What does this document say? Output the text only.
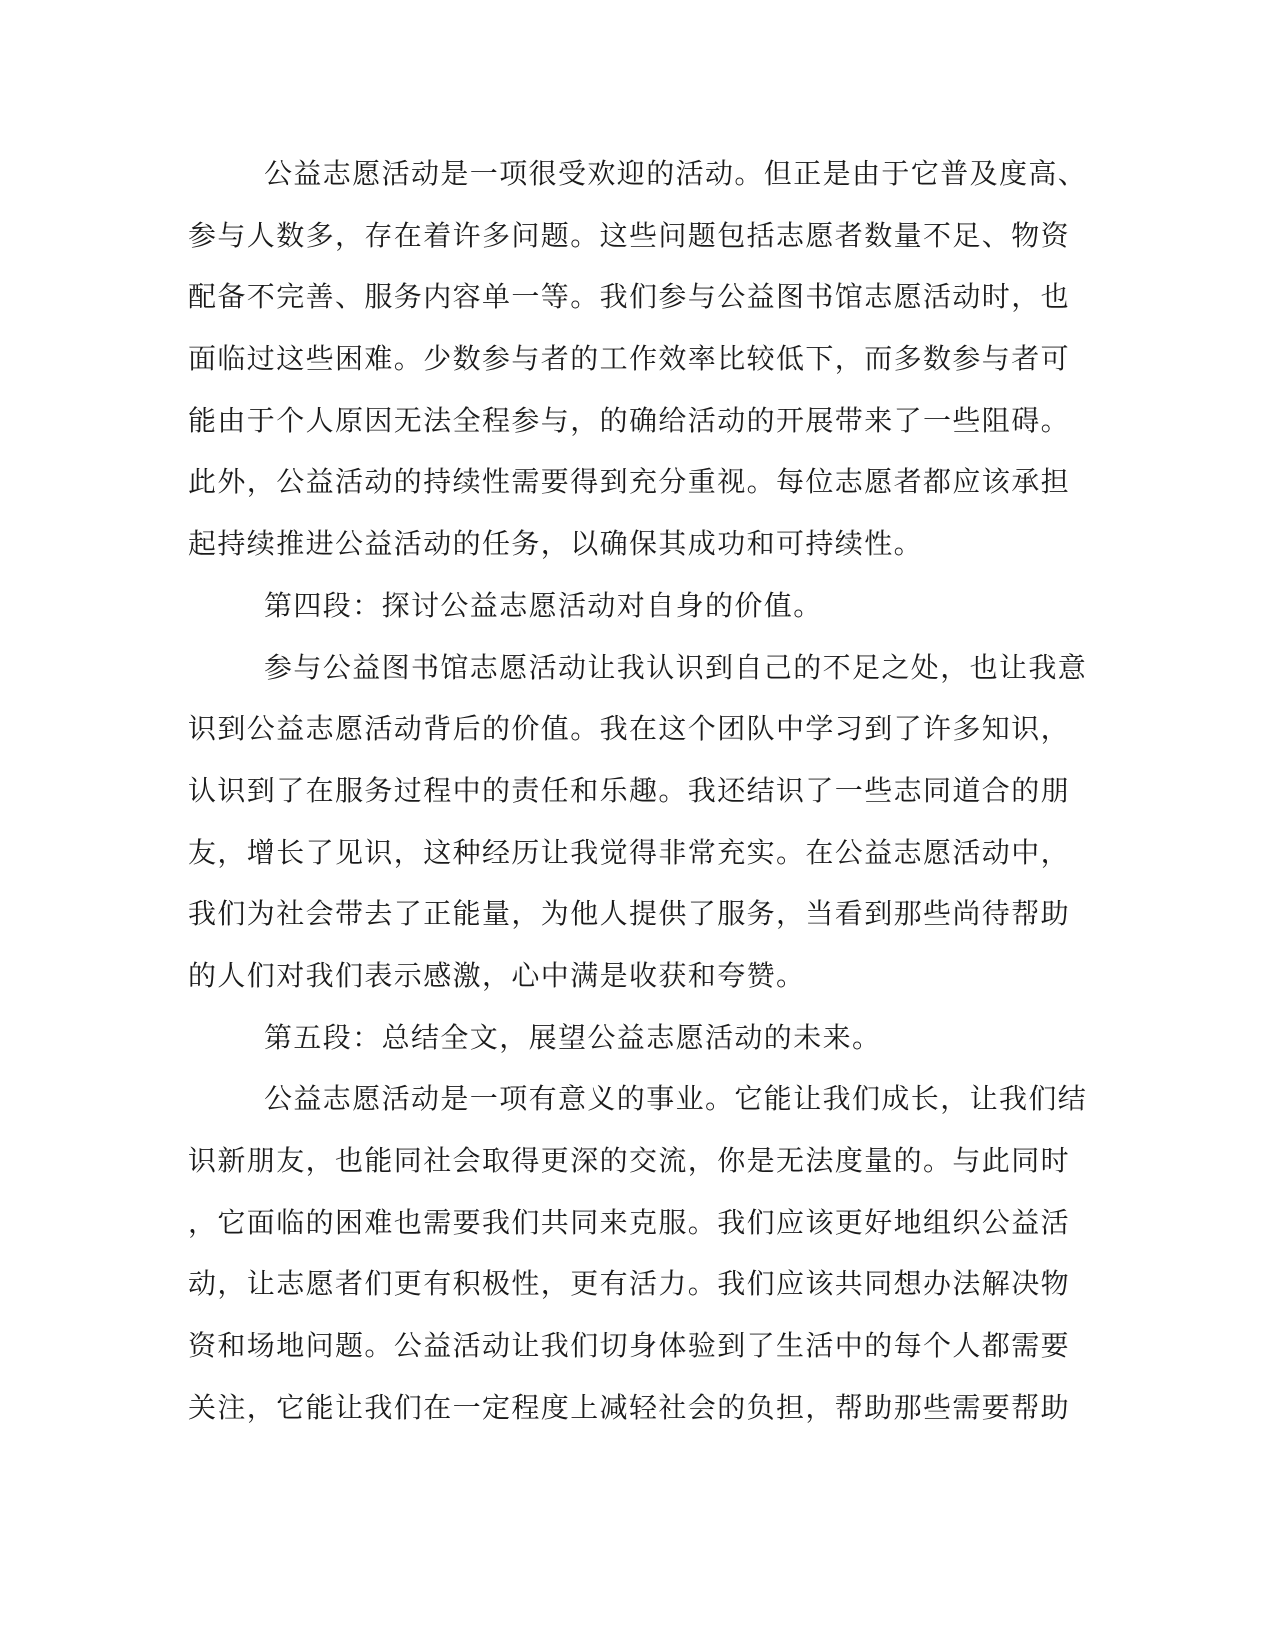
公益志愿活动是一项很受欢迎的活动。但正是由于它普及度高、
参与人数多，存在着许多问题。这些问题包括志愿者数量不足、物资
配备不完善、服务内容单一等。我们参与公益图书馆志愿活动时，也
面临过这些困难。少数参与者的工作效率比较低下，而多数参与者可
能由于个人原因无法全程参与，的确给活动的开展带来了一些阻碍。
此外，公益活动的持续性需要得到充分重视。每位志愿者都应该承担
起持续推进公益活动的任务，以确保其成功和可持续性。
第四段：探讨公益志愿活动对自身的价值。
参与公益图书馆志愿活动让我认识到自己的不足之处，也让我意
识到公益志愿活动背后的价值。我在这个团队中学习到了许多知识，
认识到了在服务过程中的责任和乐趣。我还结识了一些志同道合的朋
友，增长了见识，这种经历让我觉得非常充实。在公益志愿活动中，
我们为社会带去了正能量，为他人提供了服务，当看到那些尚待帮助
的人们对我们表示感激，心中满是收获和夸赞。
第五段：总结全文，展望公益志愿活动的未来。
公益志愿活动是一项有意义的事业。它能让我们成长，让我们结
识新朋友，也能同社会取得更深的交流，你是无法度量的。与此同时
，它面临的困难也需要我们共同来克服。我们应该更好地组织公益活
动，让志愿者们更有积极性，更有活力。我们应该共同想办法解决物
资和场地问题。公益活动让我们切身体验到了生活中的每个人都需要
关注，它能让我们在一定程度上减轻社会的负担，帮助那些需要帮助
